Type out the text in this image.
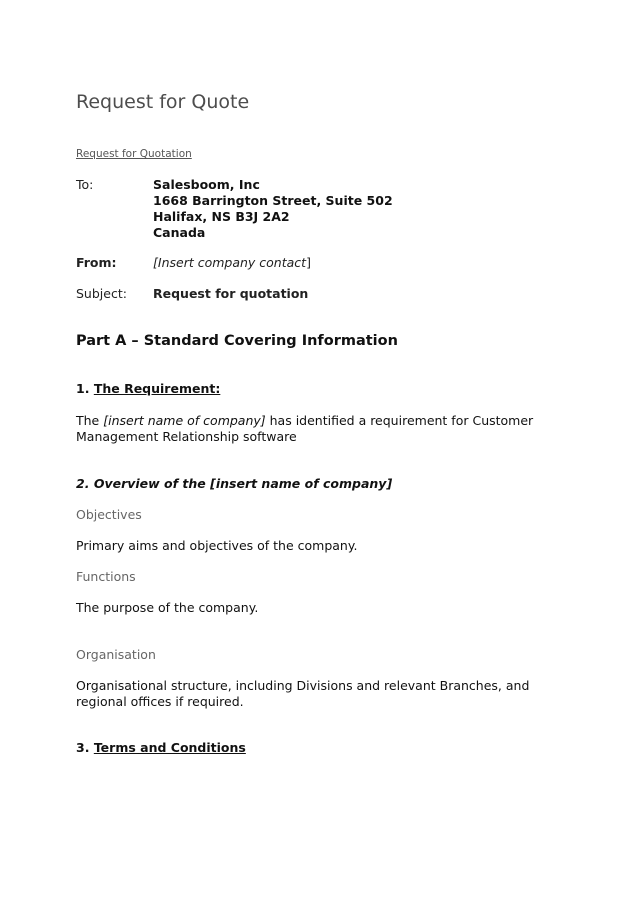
Request for Quote
Request for Quotation
To:	Salesboom, Inc
1668 Barrington Street, Suite 502
Halifax, NS B3J 2A2
Canada
From:	[Insert company contact]
Subject: Request for quotation
Part A – Standard Covering Information
1. The Requirement:
The [insert name of company] has identified a requirement for Customer
Management Relationship software
2. Overview of the [insert name of company]
Objectives
Primary aims and objectives of the company.
Functions
The purpose of the company.
Organisation
Organisational structure, including Divisions and relevant Branches, and
regional offices if required.
3. Terms and Conditions
